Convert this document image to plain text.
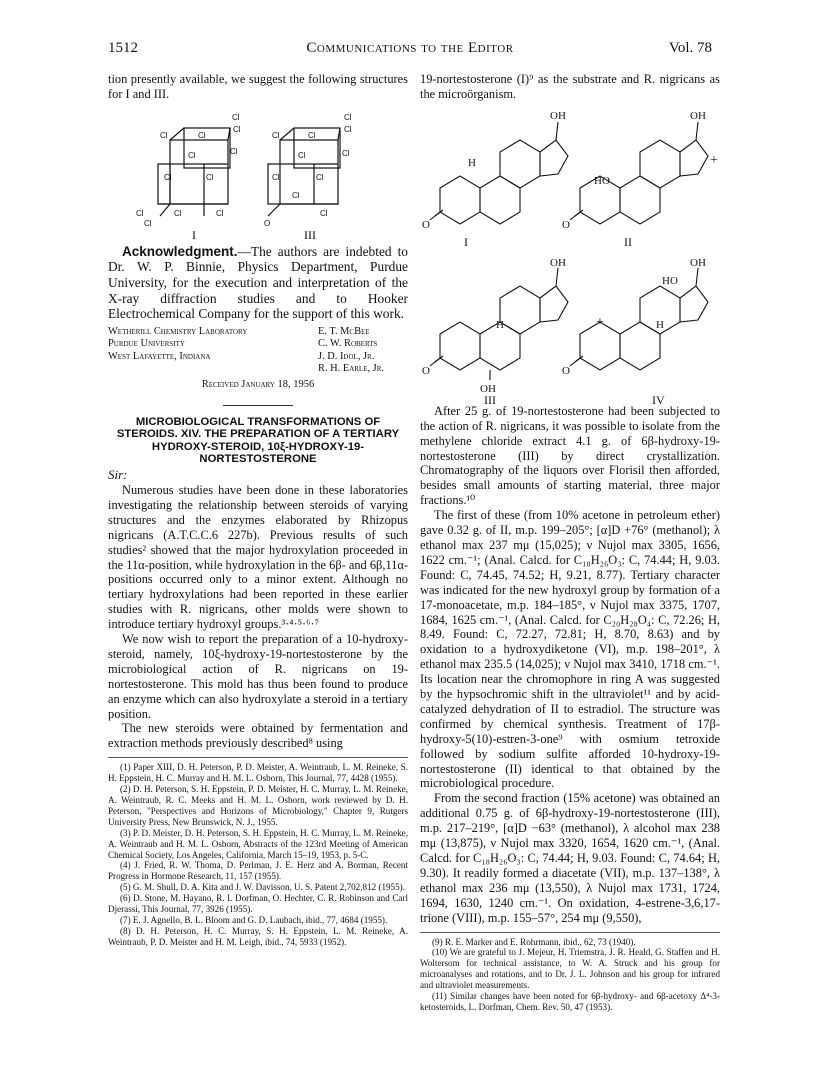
1512	Communications to the Editor	Vol. 78

tion presently available, we suggest the following structures for I and III.

Cl
Cl
Cl	Cl
Cl	Cl
Cl
Cl
Cl
Cl
Cl	Cl
Cl
Cl
Cl	Cl
Cl	Cl
Cl	Cl
Cl
Cl
O
I	III

Acknowledgment.—The authors are indebted to Dr. W. P. Binnie, Physics Department, Purdue University, for the execution and interpretation of the X-ray diffraction studies and to Hooker Electrochemical Company for the support of this work.

Wetherill Chemistry Laboratory
Purdue University
West Lafayette, Indiana
E. T. McBee
C. W. Roberts
J. D. Idol, Jr.
R. H. Earle, Jr.
Received January 18, 1956
MICROBIOLOGICAL TRANSFORMATIONS OF STEROIDS. XIV. THE PREPARATION OF A TERTIARY HYDROXY-STEROID, 10ξ-HYDROXY-19-NORTESTOSTERONE
Sir:

Numerous studies have been done in these laboratories investigating the relationship between steroids of varying structures and the enzymes elaborated by Rhizopus nigricans (A.T.C.C.6 227b). Previous results of such studies² showed that the major hydroxylation proceeded in the 11α-position, while hydroxylation in the 6β- and 6β,11α-positions occurred only to a minor extent. Although no tertiary hydroxylations had been reported in these earlier studies with R. nigricans, other molds were shown to introduce tertiary hydroxyl groups.³·⁴·⁵·⁶·⁷

We now wish to report the preparation of a 10-hydroxy-steroid, namely, 10ξ-hydroxy-19-nortestosterone by the microbiological action of R. nigricans on 19-nortestosterone. This mold has thus been found to produce an enzyme which can also hydroxylate a steroid in a tertiary position.

The new steroids were obtained by fermentation and extraction methods previously described⁸ using

(1) Paper XIII, D. H. Peterson, P. D. Meister, A. Weintraub, L. M. Reineke, S. H. Eppstein, H. C. Murray and H. M. L. Osborn, This Journal, 77, 4428 (1955).

(2) D. H. Peterson, S. H. Eppstein, P. D. Meister, H. C. Murray, L. M. Reineke, A. Weintraub, R. C. Meeks and H. M. L. Osborn, work reviewed by D. H. Peterson, "Perspectives and Horizons of Microbiology," Chapter 9, Rutgers University Press, New Brunswick, N. J., 1955.

(3) P. D. Meister, D. H. Peterson, S. H. Eppstein, H. C. Murray, L. M. Reineke, A. Weintraub and H. M. L. Osborn, Abstracts of the 123rd Meeting of American Chemical Society, Los Angeles, California, March 15–19, 1953, p. 5-C.

(4) J. Fried, R. W. Thoma, D. Perlman, J. E. Herz and A. Borman, Recent Progress in Hormone Research, 11, 157 (1955).

(5) G. M. Shull, D. A. Kita and J. W. Davisson, U. S. Patent 2,702,812 (1955).

(6) D. Stone, M. Hayano, R. I. Dorfman, O. Hechter, C. R. Robinson and Carl Djerassi, This Journal, 77, 3926 (1955).

(7) E. J. Agnello, B. L. Bloom and G. D. Laubach, ibid., 77, 4684 (1955).

(8) D. H. Peterson, H. C. Murray, S. H. Eppstein, L. M. Reineke, A. Weintraub, P. D. Meister and H. M. Leigh, ibid., 74, 5933 (1952).

19-nortestosterone (I)⁹ as the substrate and R. nigricans as the microörganism.

OH	OH
OH	OH
OH
HO
HO
H
H	H
O	O
O	O
+
+
I	II
III	IV

After 25 g. of 19-nortestosterone had been subjected to the action of R. nigricans, it was possible to isolate from the methylene chloride extract 4.1 g. of 6β-hydroxy-19-nortestosterone (III) by direct crystallization. Chromatography of the liquors over Florisil then afforded, besides small amounts of starting material, three major fractions.¹⁰

The first of these (from 10% acetone in petroleum ether) gave 0.32 g. of II, m.p. 199–205°; [α]D +76° (methanol); λ ethanol max 237 mμ (15,025); ν Nujol max 3305, 1656, 1622 cm.⁻¹; (Anal. Calcd. for C₁₈H₂₆O₃: C, 74.44; H, 9.03. Found: C, 74.45, 74.52; H, 9.21, 8.77). Tertiary character was indicated for the new hydroxyl group by formation of a 17-monoacetate, m.p. 184–185°, ν Nujol max 3375, 1707, 1684, 1625 cm.⁻¹, (Anal. Calcd. for C₂₀H₂₈O₄: C, 72.26; H, 8.49. Found: C, 72.27, 72.81; H, 8.70, 8.63) and by oxidation to a hydroxydiketone (VI), m.p. 198–201°, λ ethanol max 235.5 (14,025); ν Nujol max 3410, 1718 cm.⁻¹. Its location near the chromophore in ring A was suggested by the hypsochromic shift in the ultraviolet¹¹ and by acid-catalyzed dehydration of II to estradiol. The structure was confirmed by chemical synthesis. Treatment of 17β-hydroxy-5(10)-estren-3-one⁹ with osmium tetroxide followed by sodium sulfite afforded 10-hydroxy-19-nortestosterone (II) identical to that obtained by the microbiological procedure.

From the second fraction (15% acetone) was obtained an additional 0.75 g. of 6β-hydroxy-19-nortestosterone (III), m.p. 217–219°, [α]D −63° (methanol), λ alcohol max 238 mμ (13,875), ν Nujol max 3320, 1654, 1620 cm.⁻¹, (Anal. Calcd. for C₁₈H₂₆O₃: C, 74.44; H, 9.03. Found: C, 74.64; H, 9.30). It readily formed a diacetate (VII), m.p. 137–138°, λ ethanol max 236 mμ (13,550), λ Nujol max 1731, 1724, 1694, 1630, 1240 cm.⁻¹. On oxidation, 4-estrene-3,6,17-trione (VIII), m.p. 155–57°, 254 mμ (9,550),

(9) R. E. Marker and E. Rohrmann, ibid., 62, 73 (1940).

(10) We are grateful to J. Mejeur, H. Triemstra, J. R. Heald, G. Staffen and H. Woltersom for technical assistance, to W. A. Struck and his group for microanalyses and rotations, and to Dr. J. L. Johnson and his group for infrared and ultraviolet measurements.

(11) Similar changes have been noted for 6β-hydroxy- and 6β-acetoxy Δ⁴-3-ketosteroids, L. Dorfman, Chem. Rev. 50, 47 (1953).
